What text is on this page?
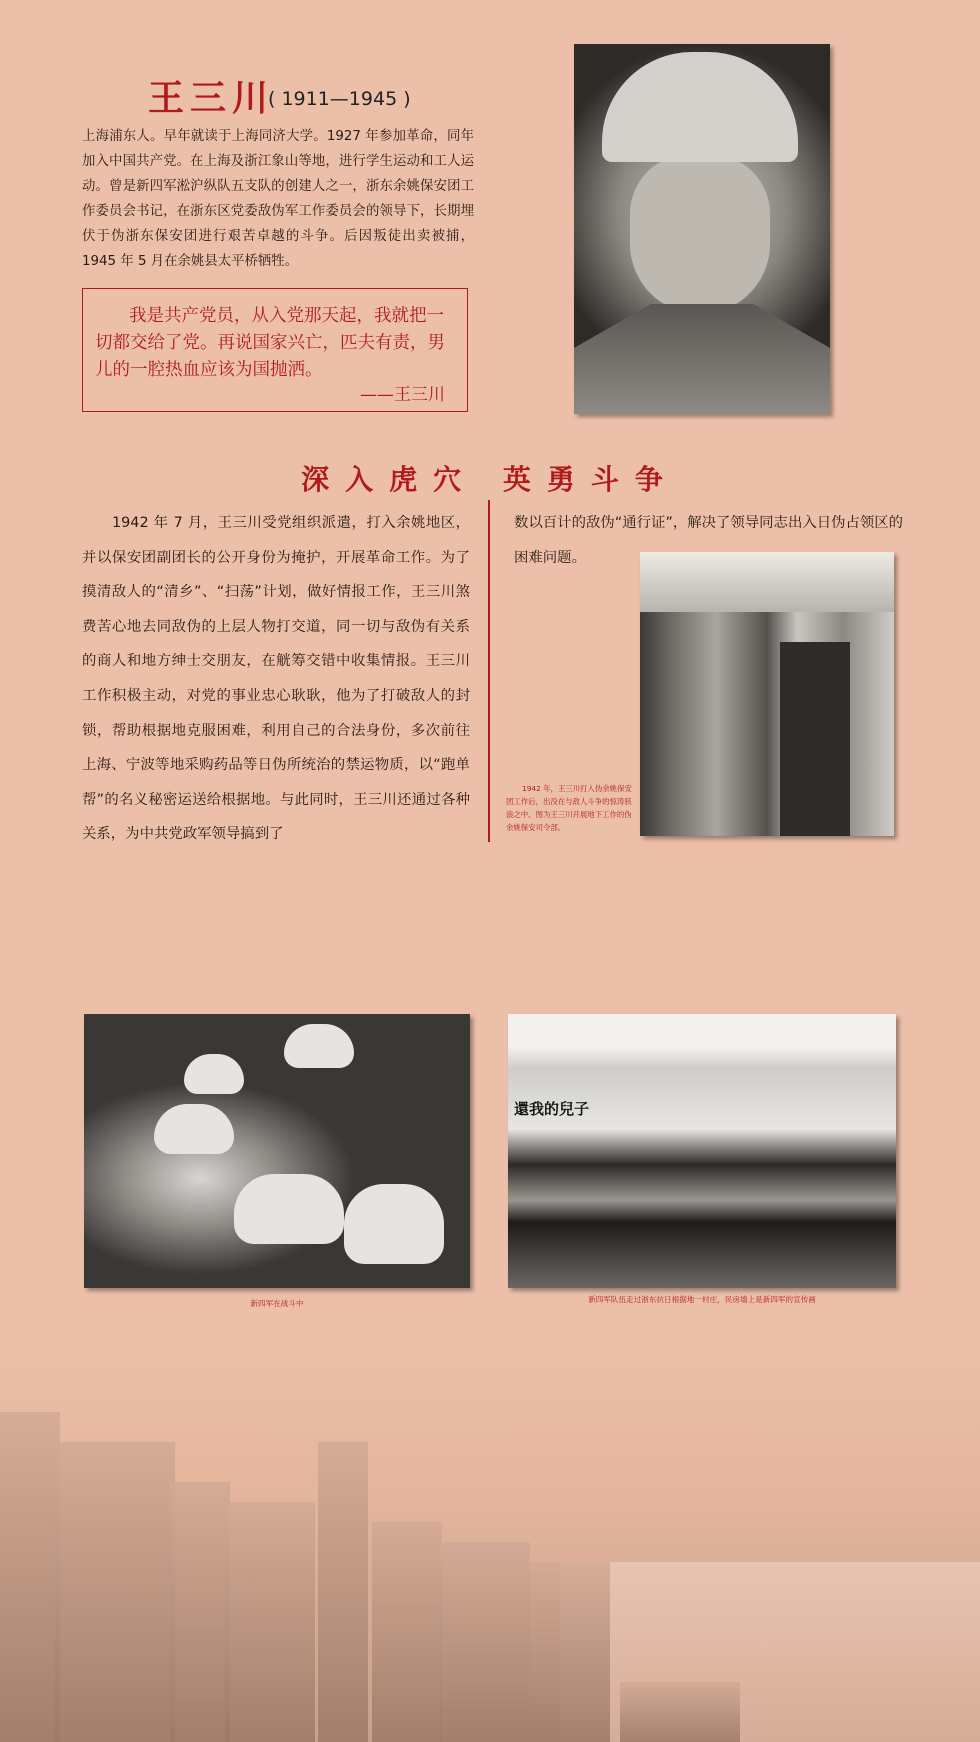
王三川
( 1911—1945 )
上海浦东人。早年就读于上海同济大学。1927 年参加革命，同年加入中国共产党。在上海及浙江象山等地，进行学生运动和工人运动。曾是新四军淞沪纵队五支队的创建人之一，浙东余姚保安团工作委员会书记，在浙东区党委敌伪军工作委员会的领导下，长期埋伏于伪浙东保安团进行艰苦卓越的斗争。后因叛徒出卖被捕，1945 年 5 月在余姚县太平桥牺牲。
我是共产党员，从入党那天起，我就把一切都交给了党。再说国家兴亡，匹夫有责，男儿的一腔热血应该为国抛洒。
——王三川
深入虎穴 英勇斗争
1942 年 7 月，王三川受党组织派遣，打入余姚地区，并以保安团副团长的公开身份为掩护，开展革命工作。为了摸清敌人的“清乡”、“扫荡”计划，做好情报工作，王三川煞费苦心地去同敌伪的上层人物打交道，同一切与敌伪有关系的商人和地方绅士交朋友，在觥筹交错中收集情报。王三川工作积极主动，对党的事业忠心耿耿，他为了打破敌人的封锁，帮助根据地克服困难，利用自己的合法身份，多次前往上海、宁波等地采购药品等日伪所统治的禁运物质，以“跑单帮”的名义秘密运送给根据地。与此同时，王三川还通过各种关系，为中共党政军领导搞到了
数以百计的敌伪“通行证”，解决了领导同志出入日伪占领区的困难问题。
1942 年，王三川打入伪余姚保安团工作后，出没在与敌人斗争的惊涛骇浪之中。图为王三川开展地下工作的伪余姚保安司令部。
還我的兒子
新四军在战斗中	新四军队伍走过浙东抗日根据地一村庄，民房墙上是新四军的宣传画
